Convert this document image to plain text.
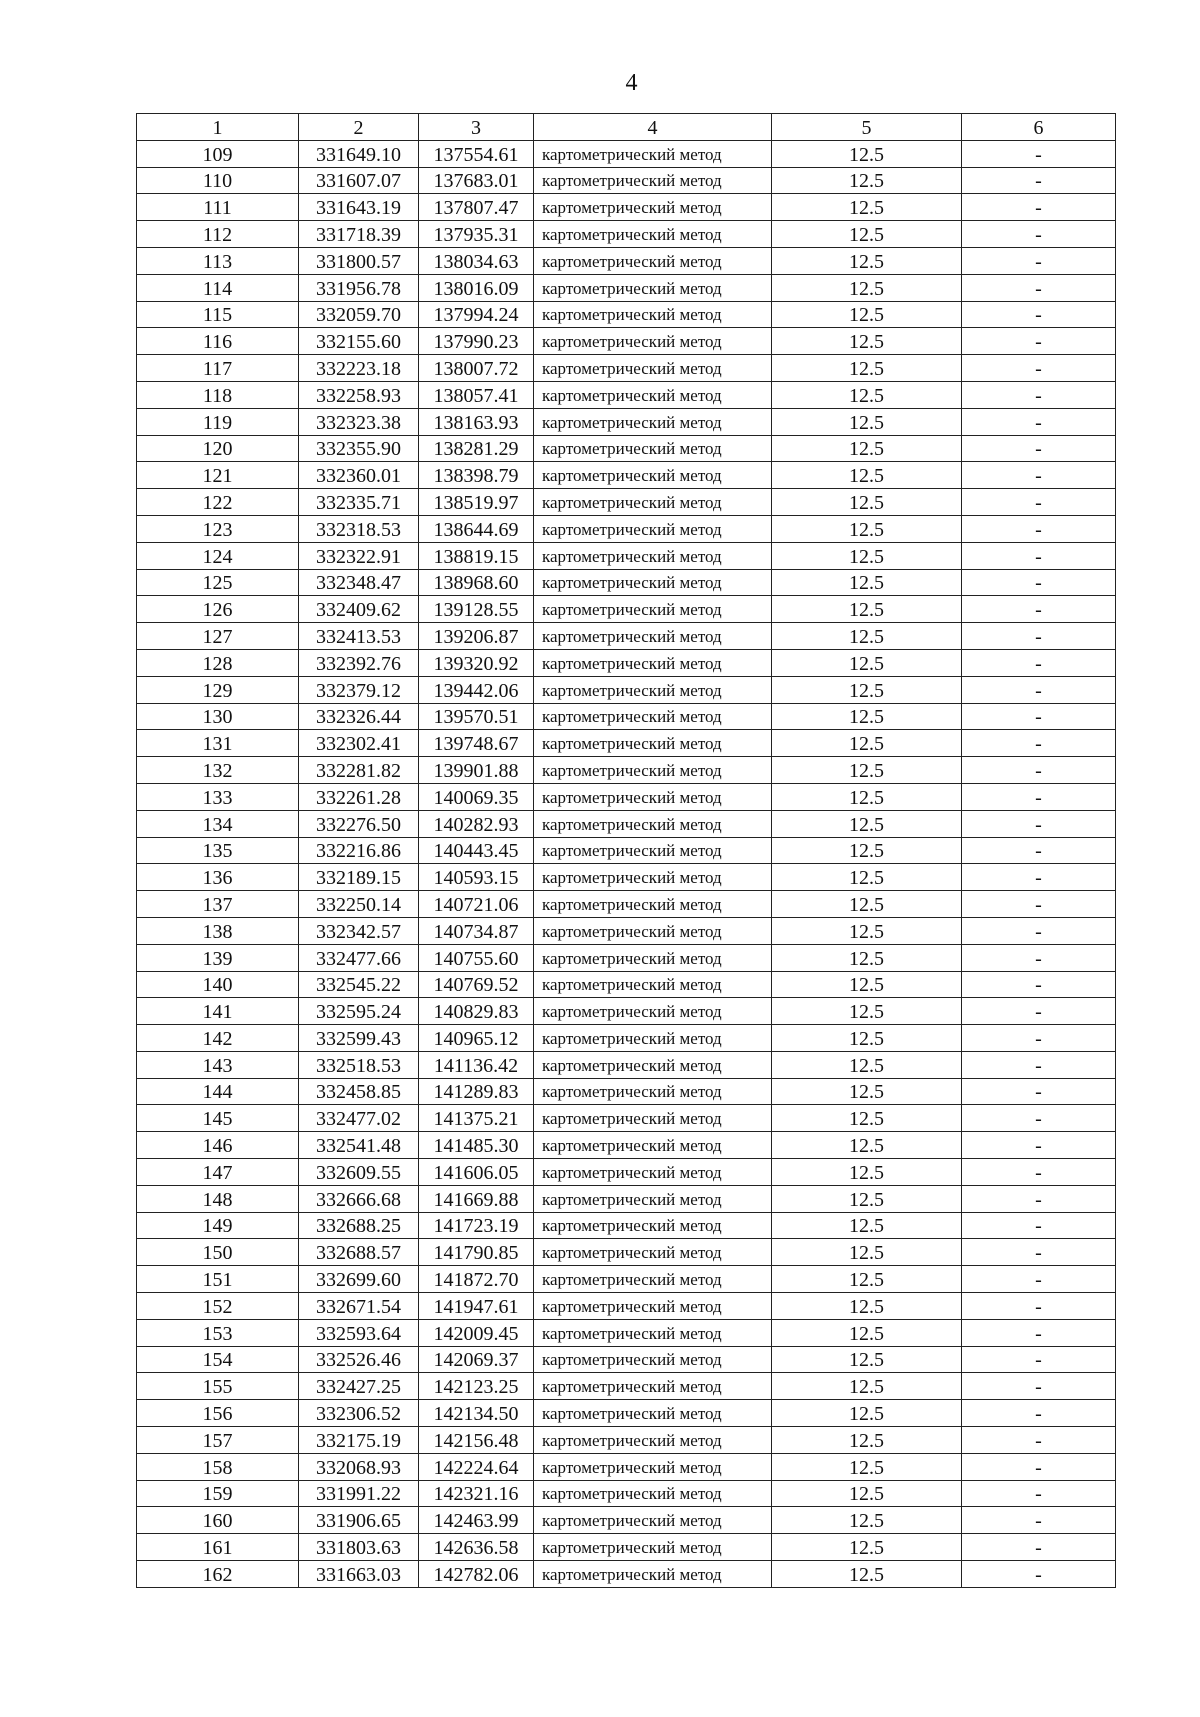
4
1	2	3	4	5	6
109	331649.10	137554.61	картометрический метод	12.5	-
110	331607.07	137683.01	картометрический метод	12.5	-
111	331643.19	137807.47	картометрический метод	12.5	-
112	331718.39	137935.31	картометрический метод	12.5	-
113	331800.57	138034.63	картометрический метод	12.5	-
114	331956.78	138016.09	картометрический метод	12.5	-
115	332059.70	137994.24	картометрический метод	12.5	-
116	332155.60	137990.23	картометрический метод	12.5	-
117	332223.18	138007.72	картометрический метод	12.5	-
118	332258.93	138057.41	картометрический метод	12.5	-
119	332323.38	138163.93	картометрический метод	12.5	-
120	332355.90	138281.29	картометрический метод	12.5	-
121	332360.01	138398.79	картометрический метод	12.5	-
122	332335.71	138519.97	картометрический метод	12.5	-
123	332318.53	138644.69	картометрический метод	12.5	-
124	332322.91	138819.15	картометрический метод	12.5	-
125	332348.47	138968.60	картометрический метод	12.5	-
126	332409.62	139128.55	картометрический метод	12.5	-
127	332413.53	139206.87	картометрический метод	12.5	-
128	332392.76	139320.92	картометрический метод	12.5	-
129	332379.12	139442.06	картометрический метод	12.5	-
130	332326.44	139570.51	картометрический метод	12.5	-
131	332302.41	139748.67	картометрический метод	12.5	-
132	332281.82	139901.88	картометрический метод	12.5	-
133	332261.28	140069.35	картометрический метод	12.5	-
134	332276.50	140282.93	картометрический метод	12.5	-
135	332216.86	140443.45	картометрический метод	12.5	-
136	332189.15	140593.15	картометрический метод	12.5	-
137	332250.14	140721.06	картометрический метод	12.5	-
138	332342.57	140734.87	картометрический метод	12.5	-
139	332477.66	140755.60	картометрический метод	12.5	-
140	332545.22	140769.52	картометрический метод	12.5	-
141	332595.24	140829.83	картометрический метод	12.5	-
142	332599.43	140965.12	картометрический метод	12.5	-
143	332518.53	141136.42	картометрический метод	12.5	-
144	332458.85	141289.83	картометрический метод	12.5	-
145	332477.02	141375.21	картометрический метод	12.5	-
146	332541.48	141485.30	картометрический метод	12.5	-
147	332609.55	141606.05	картометрический метод	12.5	-
148	332666.68	141669.88	картометрический метод	12.5	-
149	332688.25	141723.19	картометрический метод	12.5	-
150	332688.57	141790.85	картометрический метод	12.5	-
151	332699.60	141872.70	картометрический метод	12.5	-
152	332671.54	141947.61	картометрический метод	12.5	-
153	332593.64	142009.45	картометрический метод	12.5	-
154	332526.46	142069.37	картометрический метод	12.5	-
155	332427.25	142123.25	картометрический метод	12.5	-
156	332306.52	142134.50	картометрический метод	12.5	-
157	332175.19	142156.48	картометрический метод	12.5	-
158	332068.93	142224.64	картометрический метод	12.5	-
159	331991.22	142321.16	картометрический метод	12.5	-
160	331906.65	142463.99	картометрический метод	12.5	-
161	331803.63	142636.58	картометрический метод	12.5	-
162	331663.03	142782.06	картометрический метод	12.5	-
